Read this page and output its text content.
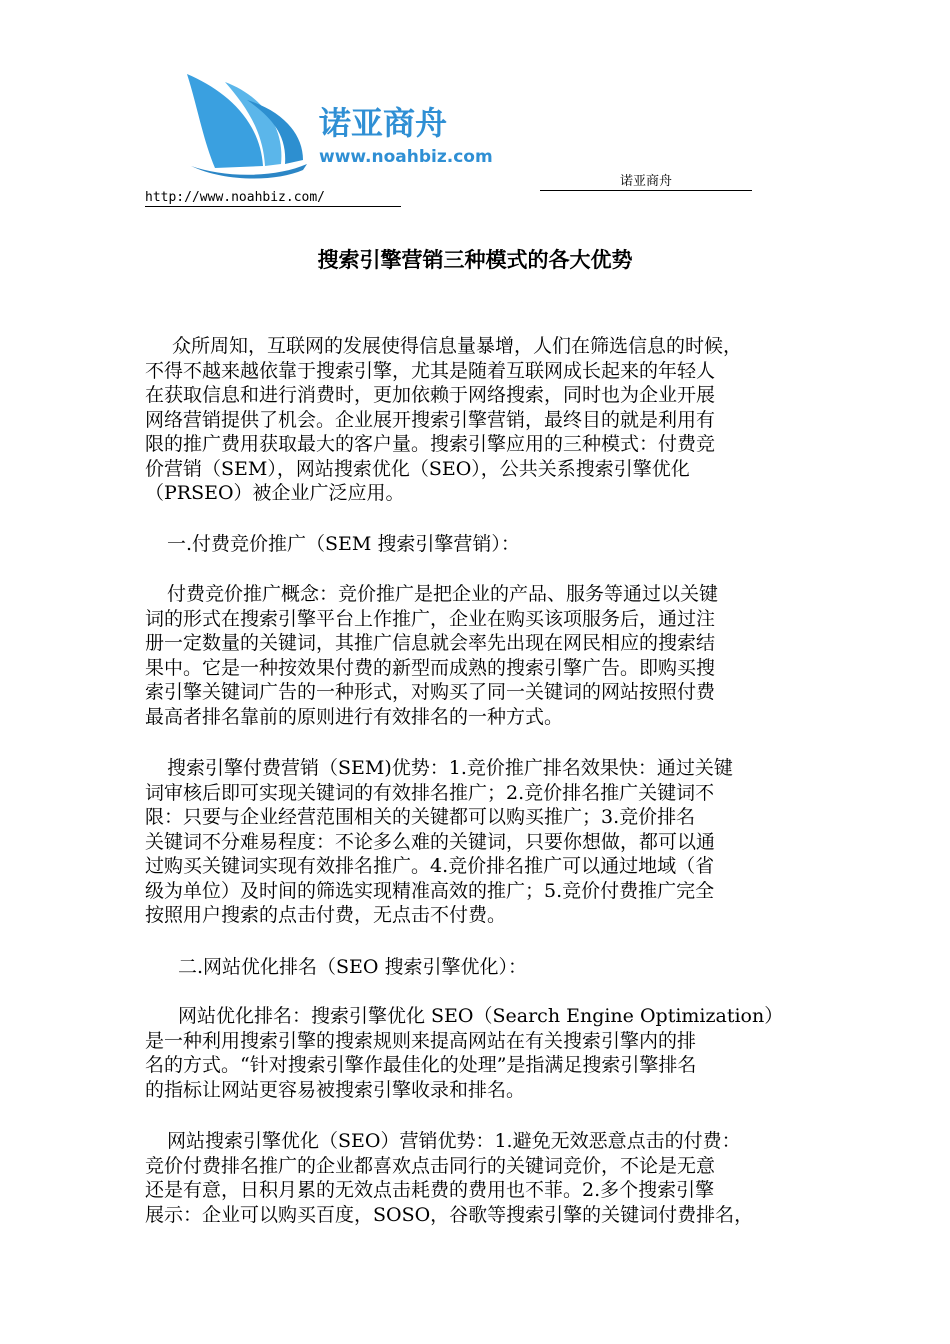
诺亚商舟
www.noahbiz.com
诺亚商舟
http://www.noahbiz.com/
搜索引擎营销三种模式的各大优势
众所周知，互联网的发展使得信息量暴增，人们在筛选信息的时候，
不得不越来越依靠于搜索引擎，尤其是随着互联网成长起来的年轻人
在获取信息和进行消费时，更加依赖于网络搜索，同时也为企业开展
网络营销提供了机会。企业展开搜索引擎营销，最终目的就是利用有
限的推广费用获取最大的客户量。搜索引擎应用的三种模式：付费竞
价营销（SEM），网站搜索优化（SEO），公共关系搜索引擎优化
（PRSEO）被企业广泛应用。
一.付费竞价推广（SEM 搜索引擎营销）：
付费竞价推广概念：竞价推广是把企业的产品、服务等通过以关键
词的形式在搜索引擎平台上作推广，企业在购买该项服务后，通过注
册一定数量的关键词，其推广信息就会率先出现在网民相应的搜索结
果中。它是一种按效果付费的新型而成熟的搜索引擎广告。即购买搜
索引擎关键词广告的一种形式，对购买了同一关键词的网站按照付费
最高者排名靠前的原则进行有效排名的一种方式。
搜索引擎付费营销（SEM)优势：1.竞价推广排名效果快：通过关键
词审核后即可实现关键词的有效排名推广；2.竞价排名推广关键词不
限：只要与企业经营范围相关的关键都可以购买推广；3.竞价排名
关键词不分难易程度：不论多么难的关键词，只要你想做，都可以通
过购买关键词实现有效排名推广。4.竞价排名推广可以通过地域（省
级为单位）及时间的筛选实现精准高效的推广；5.竞价付费推广完全
按照用户搜索的点击付费，无点击不付费。
二.网站优化排名（SEO 搜索引擎优化）：
网站优化排名：搜索引擎优化 SEO（Search Engine Optimization）
是一种利用搜索引擎的搜索规则来提高网站在有关搜索引擎内的排
名的方式。“针对搜索引擎作最佳化的处理”是指满足搜索引擎排名
的指标让网站更容易被搜索引擎收录和排名。
网站搜索引擎优化（SEO）营销优势：1.避免无效恶意点击的付费：
竞价付费排名推广的企业都喜欢点击同行的关键词竞价，不论是无意
还是有意，日积月累的无效点击耗费的费用也不菲。2.多个搜索引擎
展示：企业可以购买百度，SOSO，谷歌等搜索引擎的关键词付费排名，
